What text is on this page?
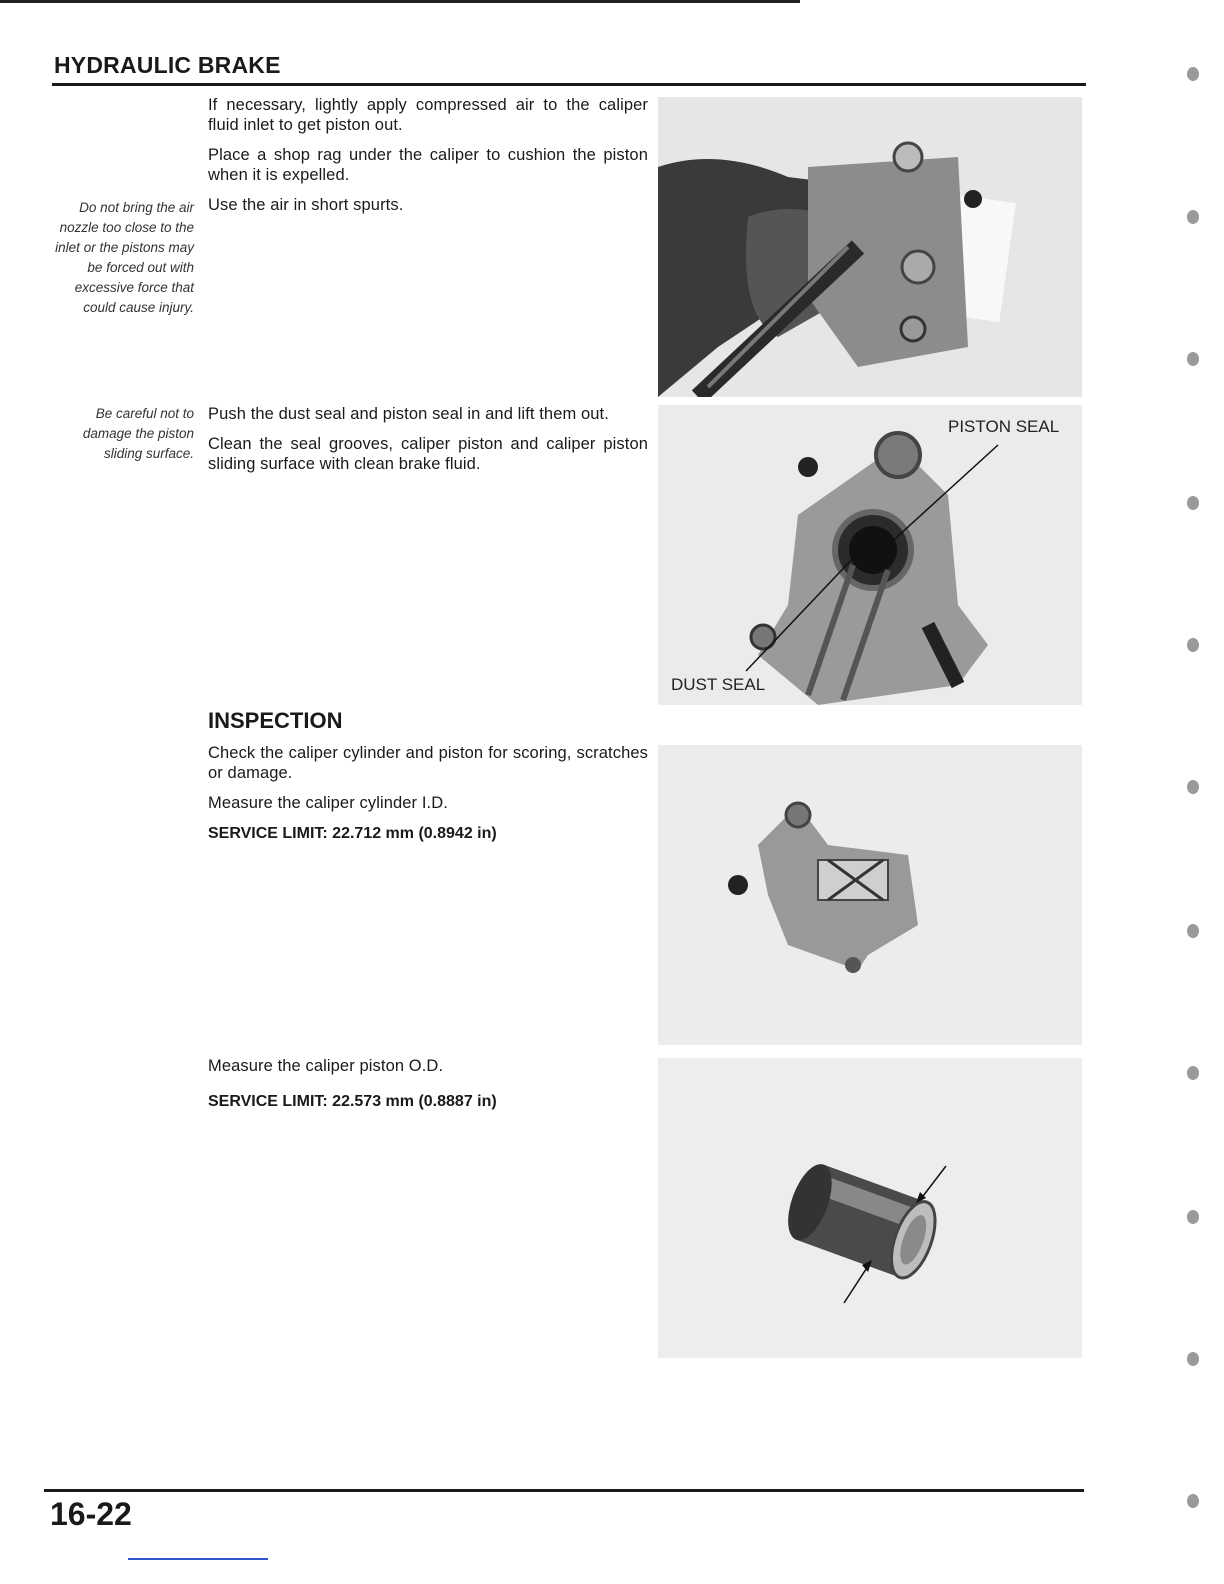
HYDRAULIC BRAKE

If necessary, lightly apply compressed air to the caliper fluid inlet to get piston out.

Place a shop rag under the caliper to cushion the piston when it is expelled.

Use the air in short spurts.

Do not bring the air nozzle too close to the inlet or the pistons may be forced out with excessive force that could cause injury.

Push the dust seal and piston seal in and lift them out.

Clean the seal grooves, caliper piston and caliper piston sliding surface with clean brake fluid.

Be careful not to damage the piston sliding surface.
PISTON SEAL
DUST SEAL
INSPECTION

Check the caliper cylinder and piston for scoring, scratches or damage.

Measure the caliper cylinder I.D.

SERVICE LIMIT: 22.712 mm (0.8942 in)

Measure the caliper piston O.D.

SERVICE LIMIT: 22.573 mm (0.8887 in)
16-22
